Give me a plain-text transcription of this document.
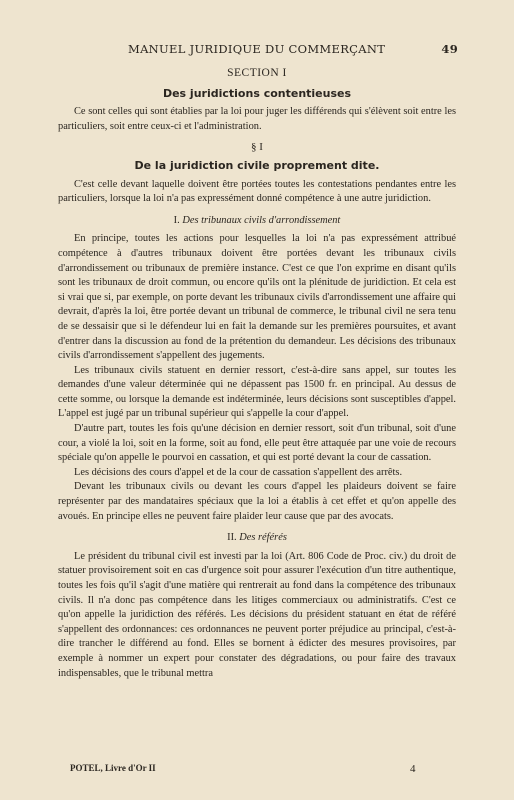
MANUEL JURIDIQUE DU COMMERÇANT	49
SECTION I
Des juridictions contentieuses

Ce sont celles qui sont établies par la loi pour juger les différends qui s'élèvent soit entre les particuliers, soit entre ceux-ci et l'administration.

§ I
De la juridiction civile proprement dite.

C'est celle devant laquelle doivent être portées toutes les contestations pendantes entre les particuliers, lorsque la loi n'a pas expressément donné compétence à une autre juridiction.

I. Des tribunaux civils d'arrondissement

En principe, toutes les actions pour lesquelles la loi n'a pas expressément attribué compétence à d'autres tribunaux doivent être portées devant les tribunaux civils d'arrondissement ou tribunaux de première instance. C'est ce que l'on exprime en disant qu'ils sont les tribunaux de droit commun, ou encore qu'ils ont la plénitude de juridiction. Et cela est si vrai que si, par exemple, on porte devant les tribunaux civils d'arrondissement une affaire qui devrait, d'après la loi, être portée devant un tribunal de commerce, le tribunal civil ne sera tenu de se dessaisir que si le défendeur lui en fait la demande sur les premières poursuites, et avant d'entrer dans la discussion au fond de la prétention du demandeur. Les décisions des tribunaux civils d'arrondissement s'appellent des jugements.

Les tribunaux civils statuent en dernier ressort, c'est-à-dire sans appel, sur toutes les demandes d'une valeur déterminée qui ne dépassent pas 1500 fr. en principal. Au dessus de cette somme, ou lorsque la demande est indéterminée, leurs décisions sont susceptibles d'appel. L'appel est jugé par un tribunal supérieur qui s'appelle la cour d'appel.

D'autre part, toutes les fois qu'une décision en dernier ressort, soit d'un tribunal, soit d'une cour, a violé la loi, soit en la forme, soit au fond, elle peut être attaquée par une voie de recours spéciale qu'on appelle le pourvoi en cassation, et qui est porté devant la cour de cassation.

Les décisions des cours d'appel et de la cour de cassation s'appellent des arrêts.

Devant les tribunaux civils ou devant les cours d'appel les plaideurs doivent se faire représenter par des mandataires spéciaux que la loi a établis à cet effet et qu'on appelle des avoués. En principe elles ne peuvent faire plaider leur cause que par des avocats.

II. Des référés

Le président du tribunal civil est investi par la loi (Art. 806 Code de Proc. civ.) du droit de statuer provisoirement soit en cas d'urgence soit pour assurer l'exécution d'un titre authentique, toutes les fois qu'il s'agit d'une matière qui rentrerait au fond dans la compétence des tribunaux civils. Il n'a donc pas compétence dans les litiges commerciaux ou administratifs. C'est ce qu'on appelle la juridiction des référés. Les décisions du président statuant en état de référé s'appellent des ordonnances: ces ordonnances ne peuvent porter préjudice au principal, c'est-à-dire trancher le différend au fond. Elles se bornent à édicter des mesures provisoires, par exemple à nommer un expert pour constater des dégradations, ou pour faire des travaux indispensables, que le tribunal mettra

POTEL, Livre d'Or II	4
